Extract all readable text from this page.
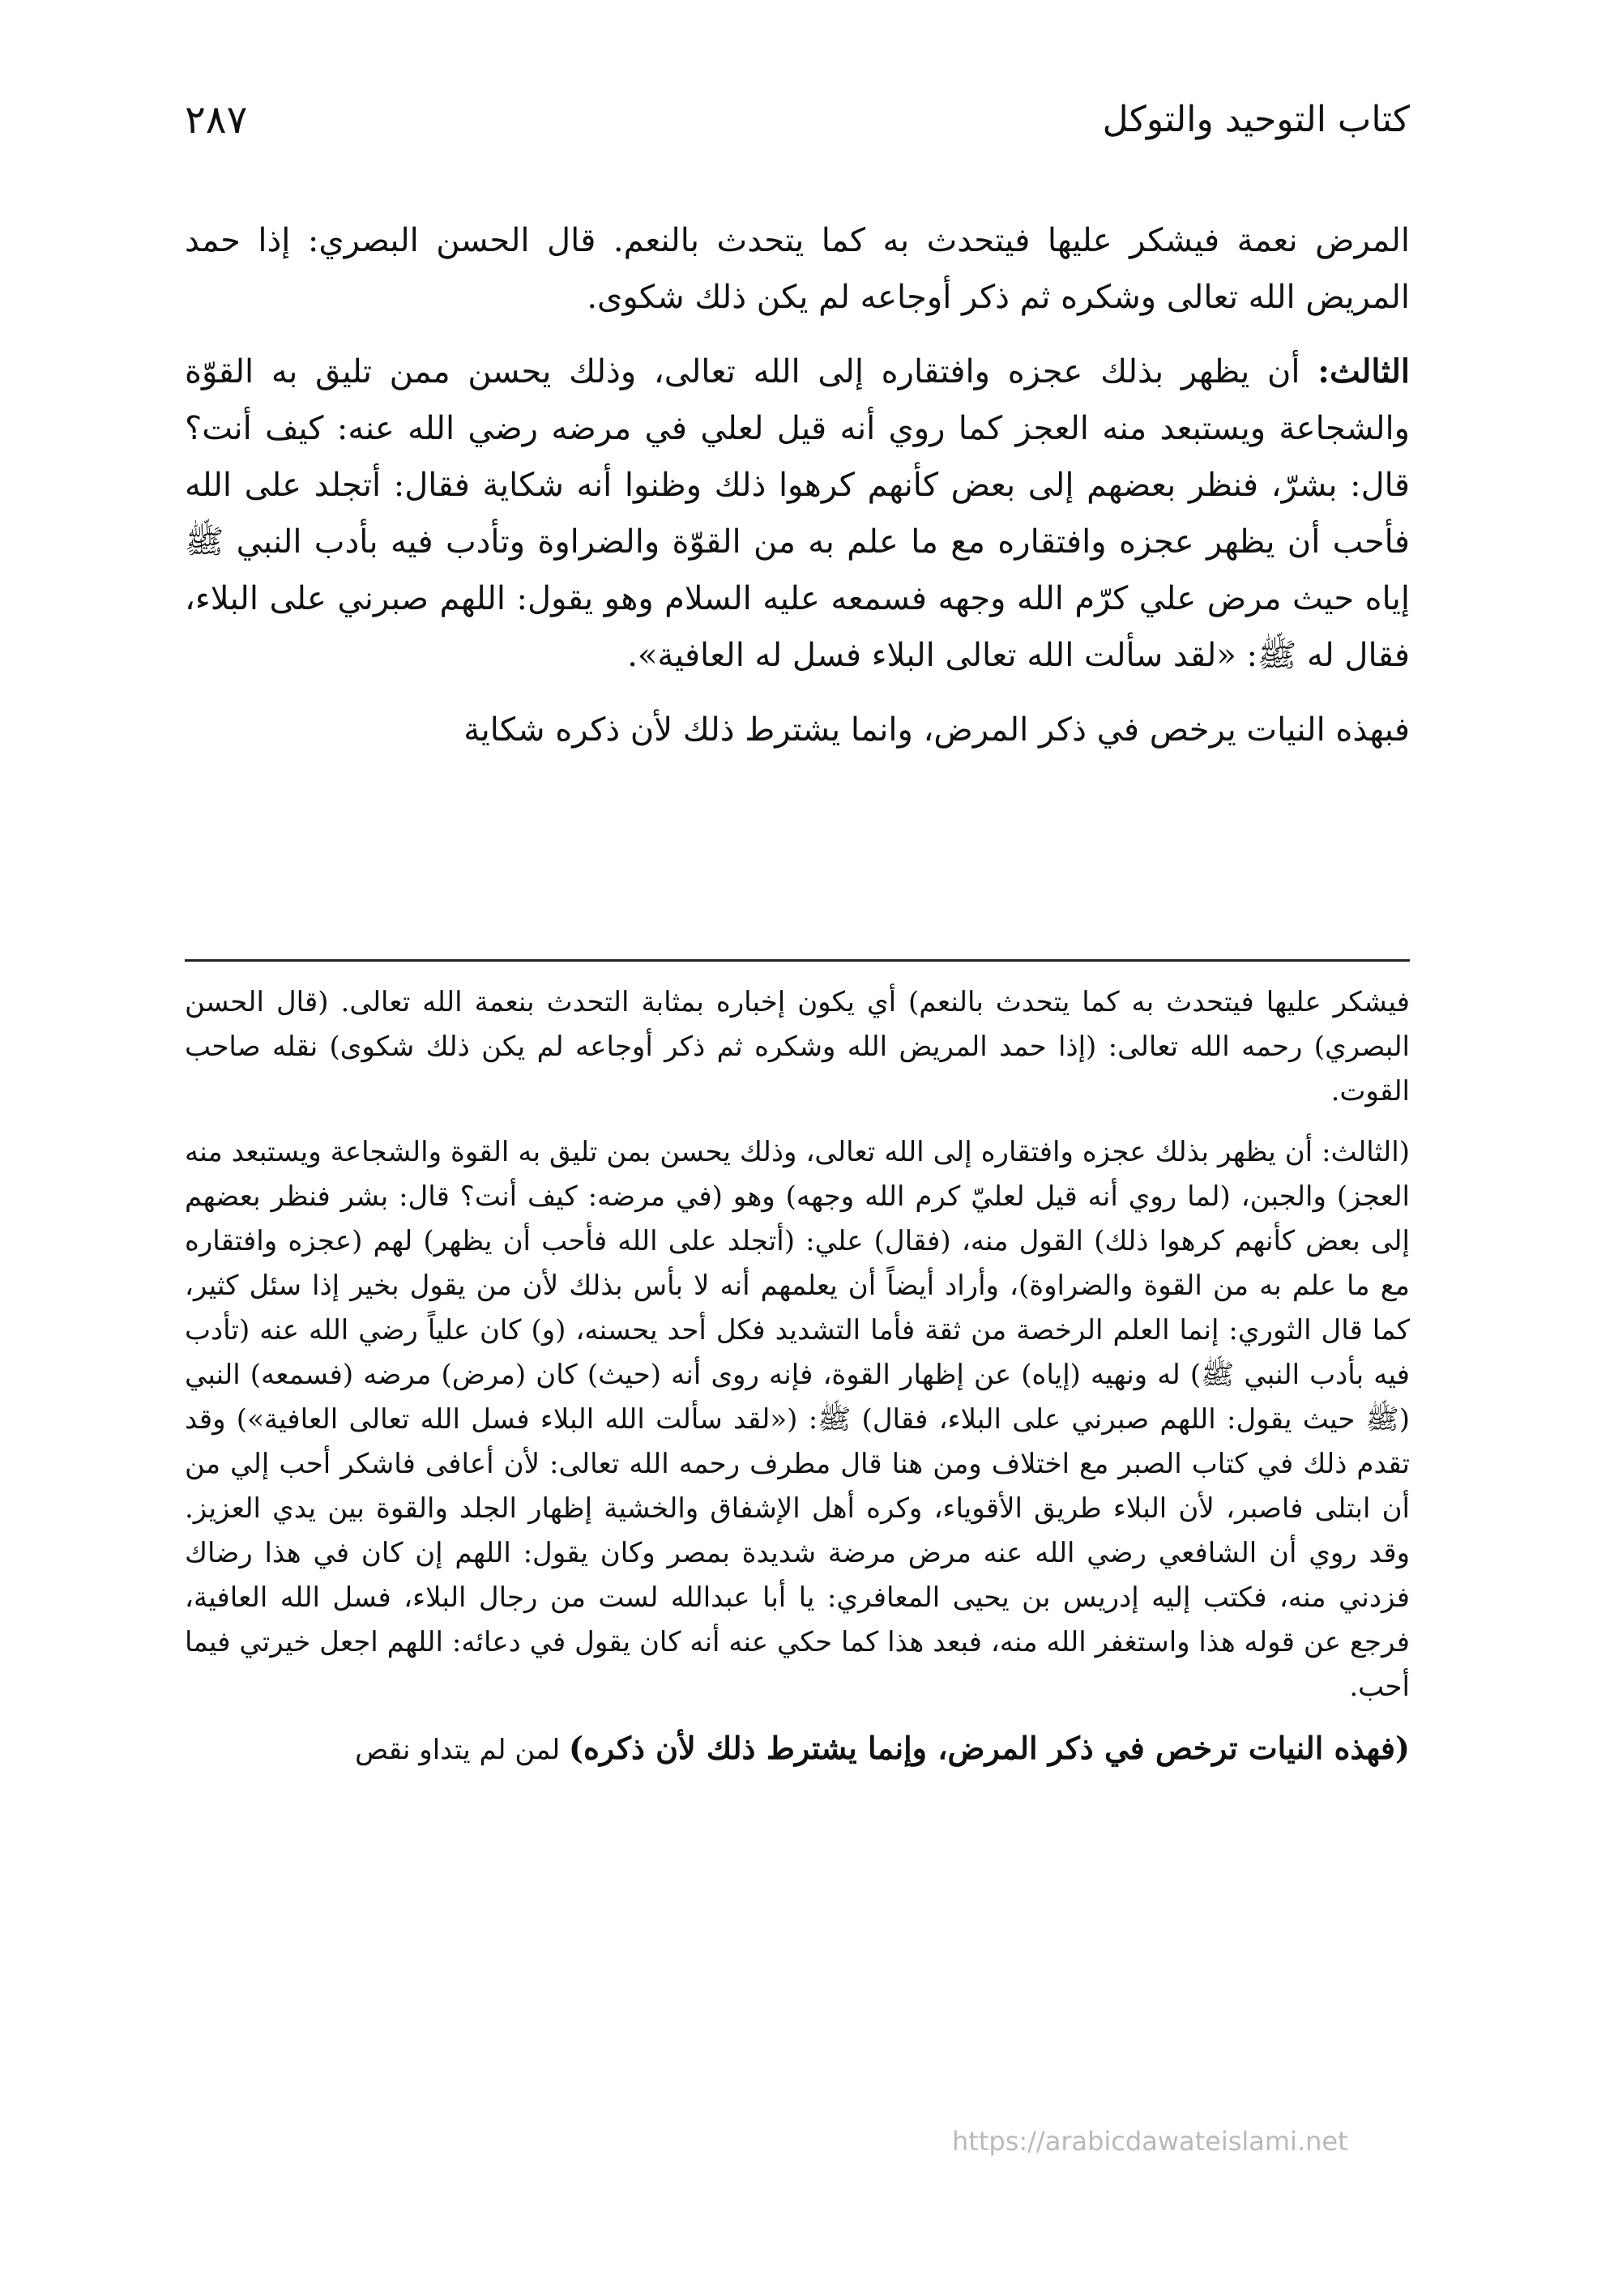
كتاب التوحيد والتوكل
٢٨٧

المرض نعمة فيشكر عليها فيتحدث به كما يتحدث بالنعم. قال الحسن البصري: إذا حمد المريض الله تعالى وشكره ثم ذكر أوجاعه لم يكن ذلك شكوى.

الثالث: أن يظهر بذلك عجزه وافتقاره إلى الله تعالى، وذلك يحسن ممن تليق به القوّة والشجاعة ويستبعد منه العجز كما روي أنه قيل لعلي في مرضه رضي الله عنه: كيف أنت؟ قال: بشرّ، فنظر بعضهم إلى بعض كأنهم كرهوا ذلك وظنوا أنه شكاية فقال: أتجلد على الله فأحب أن يظهر عجزه وافتقاره مع ما علم به من القوّة والضراوة وتأدب فيه بأدب النبي ﷺ إياه حيث مرض علي كرّم الله وجهه فسمعه عليه السلام وهو يقول: اللهم صبرني على البلاء، فقال له ﷺ: «لقد سألت الله تعالى البلاء فسل له العافية».

فبهذه النيات يرخص في ذكر المرض، وانما يشترط ذلك لأن ذكره شكاية

فيشكر عليها فيتحدث به كما يتحدث بالنعم) أي يكون إخباره بمثابة التحدث بنعمة الله تعالى. (قال الحسن البصري) رحمه الله تعالى: (إذا حمد المريض الله وشكره ثم ذكر أوجاعه لم يكن ذلك شكوى) نقله صاحب القوت.

(الثالث: أن يظهر بذلك عجزه وافتقاره إلى الله تعالى، وذلك يحسن بمن تليق به القوة والشجاعة ويستبعد منه العجز) والجبن، (لما روي أنه قيل لعليّ كرم الله وجهه) وهو (في مرضه: كيف أنت؟ قال: بشر فنظر بعضهم إلى بعض كأنهم كرهوا ذلك) القول منه، (فقال) علي: (أتجلد على الله فأحب أن يظهر) لهم (عجزه وافتقاره مع ما علم به من القوة والضراوة)، وأراد أيضاً أن يعلمهم أنه لا بأس بذلك لأن من يقول بخير إذا سئل كثير، كما قال الثوري: إنما العلم الرخصة من ثقة فأما التشديد فكل أحد يحسنه، (و) كان علياً رضي الله عنه (تأدب فيه بأدب النبي ﷺ) له ونهيه (إياه) عن إظهار القوة، فإنه روى أنه (حيث) كان (مرض) مرضه (فسمعه) النبي (ﷺ حيث يقول: اللهم صبرني على البلاء، فقال) ﷺ: («لقد سألت الله البلاء فسل الله تعالى العافية») وقد تقدم ذلك في كتاب الصبر مع اختلاف ومن هنا قال مطرف رحمه الله تعالى: لأن أعافى فاشكر أحب إلي من أن ابتلى فاصبر، لأن البلاء طريق الأقوياء، وكره أهل الإشفاق والخشية إظهار الجلد والقوة بين يدي العزيز. وقد روي أن الشافعي رضي الله عنه مرض مرضة شديدة بمصر وكان يقول: اللهم إن كان في هذا رضاك فزدني منه، فكتب إليه إدريس بن يحيى المعافري: يا أبا عبدالله لست من رجال البلاء، فسل الله العافية، فرجع عن قوله هذا واستغفر الله منه، فبعد هذا كما حكي عنه أنه كان يقول في دعائه: اللهم اجعل خيرتي فيما أحب.

(فهذه النيات ترخص في ذكر المرض، وإنما يشترط ذلك لأن ذكره) لمن لم يتداو نقص

https://arabicdawateislami.net
